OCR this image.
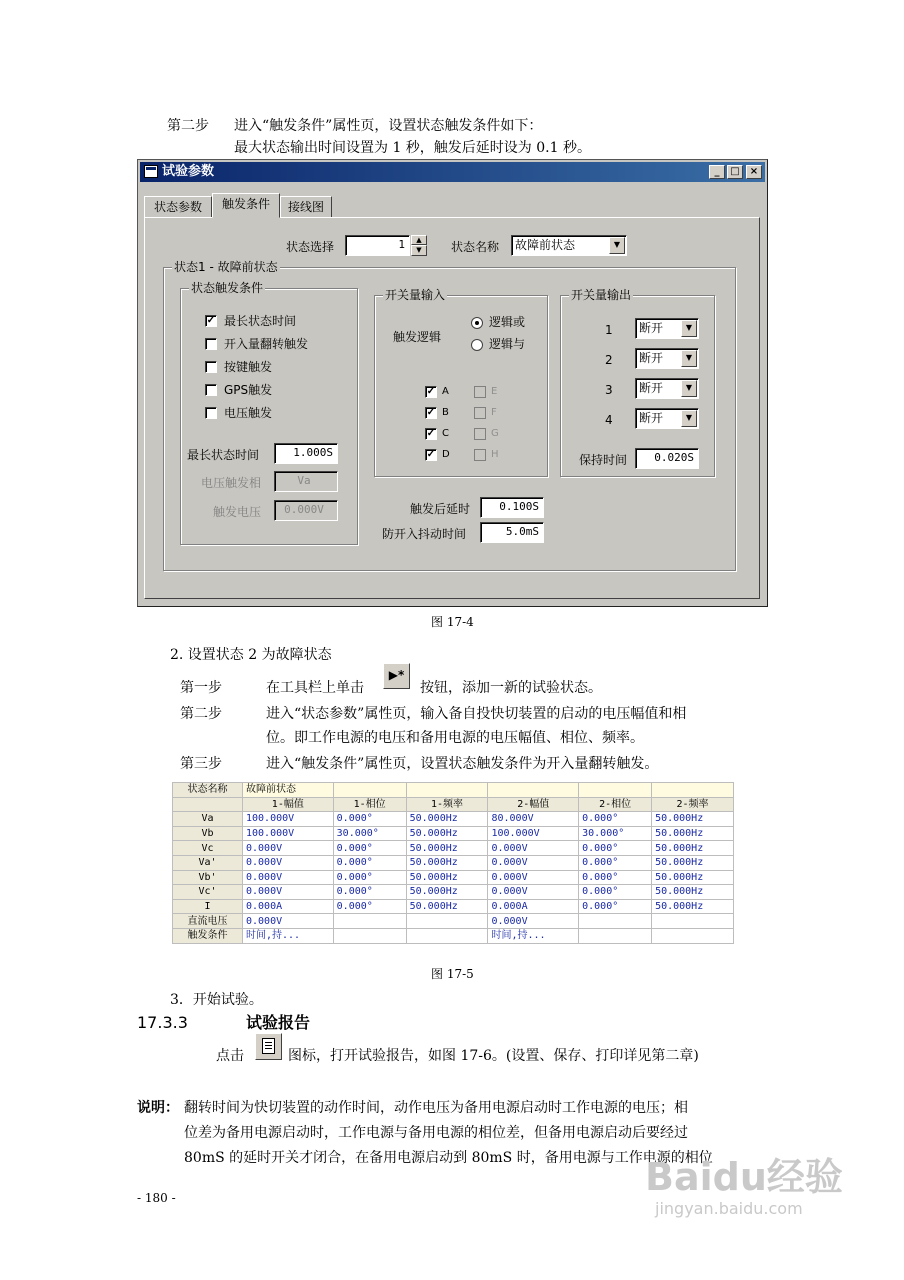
第二步 进入“触发条件”属性页，设置状态触发条件如下：
最大状态输出时间设置为 1 秒，触发后延时设为 0.1 秒。
试验参数	_	□	×
状态参数	触发条件	接线图
状态选择	1	▲
▼	状态名称	故障前状态	▼
状态1 - 故障前状态
状态触发条件
✓ 最长状态时间
开入量翻转触发
按键触发
GPS触发
电压触发
最长状态时间	1.000S
电压触发相	Va
触发电压	0.000V
开关量输入
触发逻辑
逻辑或
逻辑与
✓ A
✓ B
✓ C
✓ D
E
F
G
H
开关量输出
1	断开	▼
2	断开	▼
3	断开	▼
4	断开	▼
保持时间	0.020S
触发后延时	0.100S
防开入抖动时间	5.0mS
图 17-4
2. 设置状态 2 为故障状态
第一步	在工具栏上单击
▶*
按钮，添加一新的试验状态。
第二步	进入“状态参数”属性页，输入备自投快切装置的启动的电压幅值和相
位。即工作电源的电压和备用电源的电压幅值、相位、频率。
第三步	进入“触发条件”属性页，设置状态触发条件为开入量翻转触发。
状态名称	故障前状态					
	1-幅值	1-相位	1-频率	2-幅值	2-相位	2-频率
Va	100.000V	0.000°	50.000Hz	80.000V	0.000°	50.000Hz
Vb	100.000V	30.000°	50.000Hz	100.000V	30.000°	50.000Hz
Vc	0.000V	0.000°	50.000Hz	0.000V	0.000°	50.000Hz
Va'	0.000V	0.000°	50.000Hz	0.000V	0.000°	50.000Hz
Vb'	0.000V	0.000°	50.000Hz	0.000V	0.000°	50.000Hz
Vc'	0.000V	0.000°	50.000Hz	0.000V	0.000°	50.000Hz
I	0.000A	0.000°	50.000Hz	0.000A	0.000°	50.000Hz
直流电压	0.000V			0.000V		
触发条件	时间,持...			时间,持...		
图 17-5
3．开始试验。
17.3.3	试验报告
点击	图标，打开试验报告，如图 17-6。(设置、保存、打印详见第二章)
说明： 翻转时间为快切装置的动作时间，动作电压为备用电源启动时工作电源的电压；相
位差为备用电源启动时，工作电源与备用电源的相位差，但备用电源启动后要经过
80mS 的延时开关才闭合，在备用电源启动到 80mS 时，备用电源与工作电源的相位
- 180 -	Baidu经验
jingyan.baidu.com
